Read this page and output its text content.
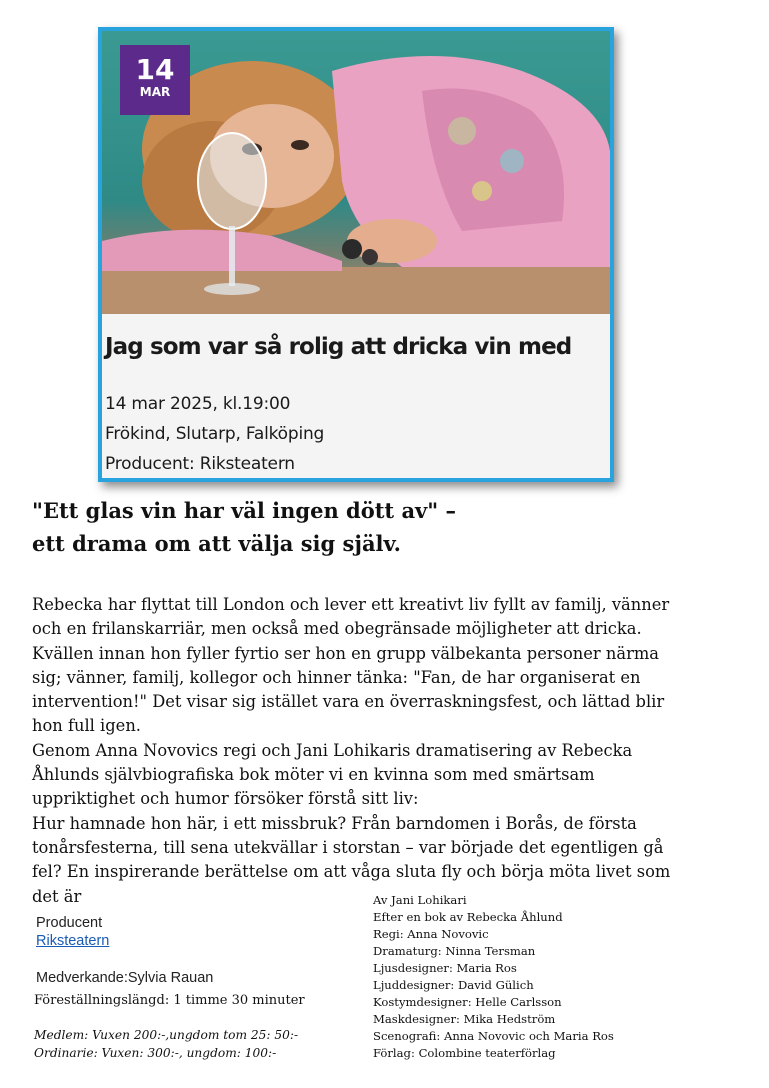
14
MAR
Jag som var så rolig att dricka vin med
14 mar 2025, kl.19:00
Frökind, Slutarp, Falköping
Producent: Riksteatern
"Ett glas vin har väl ingen dött av" –
ett drama om att välja sig själv.

Rebecka har flyttat till London och lever ett kreativt liv fyllt av familj, vänner och en frilanskarriär, men också med obegränsade möjligheter att dricka. Kvällen innan hon fyller fyrtio ser hon en grupp välbekanta personer närma sig; vänner, familj, kollegor och hinner tänka: "Fan, de har organiserat en intervention!" Det visar sig istället vara en överraskningsfest, och lättad blir hon full igen.

Genom Anna Novovics regi och Jani Lohikaris dramatisering av Rebecka Åhlunds självbiografiska bok möter vi en kvinna som med smärtsam uppriktighet och humor försöker förstå sitt liv:

Hur hamnade hon här, i ett missbruk? Från barndomen i Borås, de första tonårsfesterna, till sena utekvällar i storstan – var började det egentligen gå fel? En inspirerande berättelse om att våga sluta fly och börja möta livet som det är

Producent
Riksteatern
Medverkande:Sylvia Rauan
Föreställningslängd: 1 timme 30 minuter
Medlem: Vuxen 200:-,ungdom tom 25: 50:-
Ordinarie: Vuxen: 300:-, ungdom: 100:-
Av Jani Lohikari
Efter en bok av Rebecka Åhlund
Regi: Anna Novovic
Dramaturg: Ninna Tersman
Ljusdesigner: Maria Ros
Ljuddesigner: David Gülich
Kostymdesigner: Helle Carlsson
Maskdesigner: Mika Hedström
Scenografi: Anna Novovic och Maria Ros
Förlag: Colombine teaterförlag
